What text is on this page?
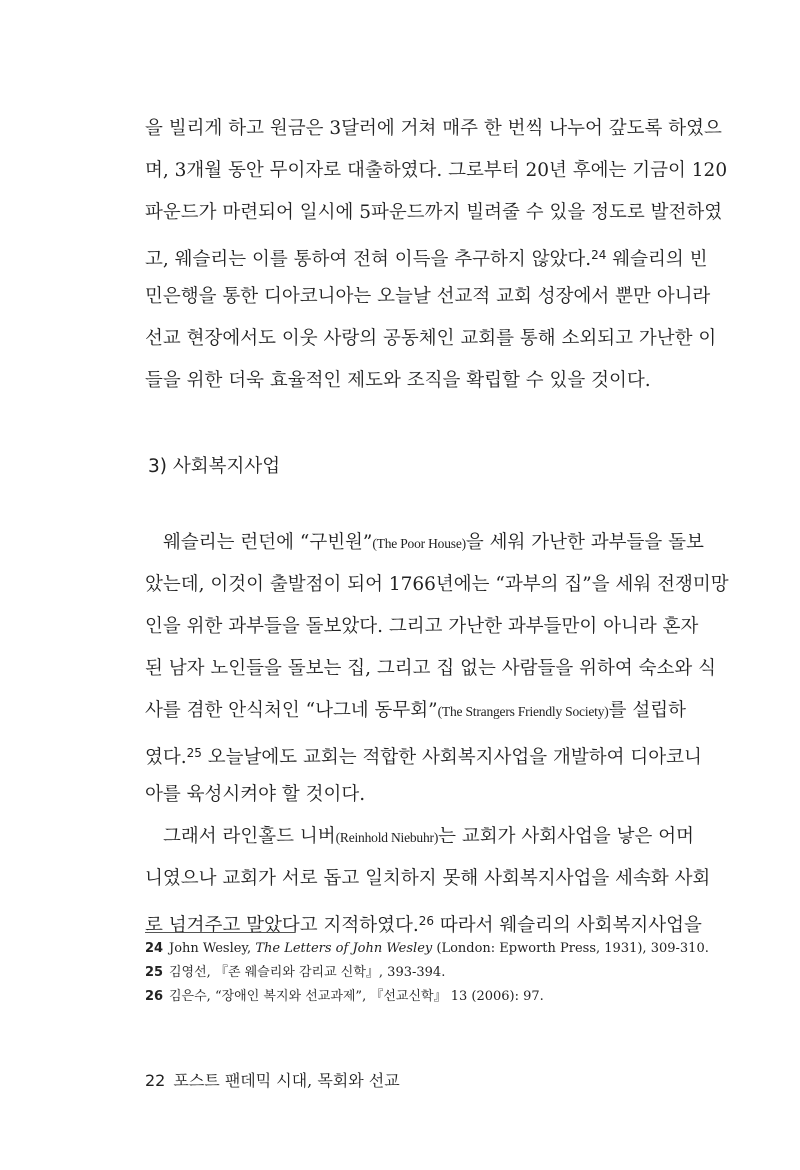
을 빌리게 하고 원금은 3달러에 거쳐 매주 한 번씩 나누어 갚도록 하였으
며, 3개월 동안 무이자로 대출하였다. 그로부터 20년 후에는 기금이 120
파운드가 마련되어 일시에 5파운드까지 빌려줄 수 있을 정도로 발전하였
고, 웨슬리는 이를 통하여 전혀 이득을 추구하지 않았다.$^{24}$ 웨슬리의 빈
민은행을 통한 디아코니아는 오늘날 선교적 교회 성장에서 뿐만 아니라
선교 현장에서도 이웃 사랑의 공동체인 교회를 통해 소외되고 가난한 이
들을 위한 더욱 효율적인 제도와 조직을 확립할 수 있을 것이다.
3) 사회복지사업
웨슬리는 런던에 “구빈원”(The Poor House)을 세워 가난한 과부들을 돌보
았는데, 이것이 출발점이 되어 1766년에는 “과부의 집”을 세워 전쟁미망
인을 위한 과부들을 돌보았다. 그리고 가난한 과부들만이 아니라 혼자
된 남자 노인들을 돌보는 집, 그리고 집 없는 사람들을 위하여 숙소와 식
사를 겸한 안식처인 “나그네 동무회”(The Strangers Friendly Society)를 설립하
였다.$^{25}$ 오늘날에도 교회는 적합한 사회복지사업을 개발하여 디아코니
아를 육성시켜야 할 것이다.
그래서 라인홀드 니버(Reinhold Niebuhr)는 교회가 사회사업을 낳은 어머
니였으나 교회가 서로 돕고 일치하지 못해 사회복지사업을 세속화 사회
로 넘겨주고 말았다고 지적하였다.$^{26}$ 따라서 웨슬리의 사회복지사업을
24 John Wesley, The Letters of John Wesley (London: Epworth Press, 1931), 309-310.
25 김영선, 『존 웨슬리와 감리교 신학』, 393-394.
26 김은수, “장애인 복지와 선교과제”, 『선교신학』 13 (2006): 97.
22 포스트 팬데믹 시대, 목회와 선교
